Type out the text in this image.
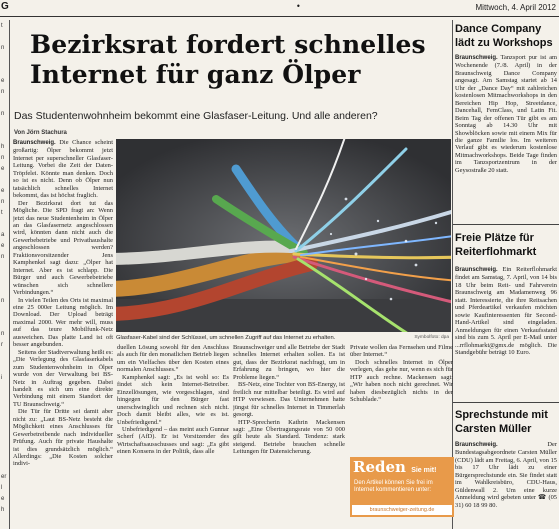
G	•	Mittwoch, 4. April 2012
t
n
e
n
n
h
n
e
e
n
t
a
e
n
n
n
r
i
er
l
e
h
Bezirksrat fordert schnelles Internet für ganz Ölper
Das Studentenwohnheim bekommt eine Glasfaser-Leitung. Und alle anderen?
Von Jörn Stachura

Braunschweig. Die Chance scheint großartig: Ölper bekommt jetzt Internet per superschneller Glasfaser-Leitung. Vorbei die Zeit der Daten-Tröpfelei. Könnte man denken. Doch so ist es nicht. Denn ob Ölper nun tatsächlich schnelles Internet bekommt, das ist höchst fraglich.

Der Bezirksrat dort tut das Mögliche. Die SPD fragt an: Wenn jetzt das neue Studentenheim in Ölper an das Glasfasernetz angeschlossen wird, könnten dann nicht auch die Gewerbebetriebe und Privathaushalte angeschlossen werden? Fraktionsvorsitzender Jens Kamphenkel sagt dazu: „Ölper hat Internet. Aber es ist schlapp. Die Bürger und auch Gewerbebetriebe wünschen sich schnellere Verbindungen.“

In vielen Teilen des Orts ist maximal eine 25 000er Leitung möglich. Im Download. Der Upload beträgt maximal 2000. Wer mehr will, muss auf das teure Mobilfunk-Netz ausweichen. Das platte Land ist oft besser angebunden.

Seitens der Stadtverwaltung heißt es: „Die Verlegung des Glasfaserkabels zum Studentenwohnheim in Ölper wurde von der Verwaltung bei BS-Netz in Auftrag gegeben. Dabei handelt es sich um eine direkte Verbindung mit einem Standort der TU Braunschweig.“

Die Tür für Dritte sei damit aber nicht zu: „Laut BS-Netz besteht die Möglichkeit eines Anschlusses für Gewerbetreibende nach individueller Prüfung. Auch für private Haushalte ist dies grundsätzlich möglich.“ Allerdings: „Die Kosten solcher indivi-

Glasfaser-Kabel sind der Schlüssel, um schnellen Zugriff auf das Internet zu erhalten.	Symbolfoto: dpa

duellen Lösung sowohl für den Anschluss als auch für den monatlichen Betrieb liegen um ein Vielfaches über den Kosten eines normalen Anschlusses.“

Kamphenkel sagt: „Es ist wohl so: Es findet sich kein Internet-Betreiber. Einzellösungen, wie vorgeschlagen, sind hingegen für den Bürger fast unerschwinglich und rechnen sich nicht. Doch damit bleibt alles, wie es ist. Unbefriedigend.“

Unbefriedigend – das meint auch Gunnar Scherf (AfD). Er ist Vorsitzender des Wirtschaftsausschusses und sagt: „Es gibt einen Konsens in der Politik, dass alle

Braunschweiger und alle Betriebe der Stadt schnelles Internet erhalten sollen. Es ist gut, dass der Bezirksrat nachfragt, um in Erfahrung zu bringen, wo hier die Probleme liegen.“

BS-Netz, eine Tochter von BS-Energy, ist freilich nur mittelbar beteiligt. Es wird auf HTP verwiesen. Das Unternehmen hatte jüngst für schnelles Internet in Timmerlah gesorgt.

HTP-Sprecherin Kathrin Mackensen sagt: „Eine Übertragungsrate von 50 000 gilt heute als Standard. Tendenz: stark steigend. Betriebe brauchen schnelle Leitungen für Datensicherung.

Private wollen das Fernsehen und Filme über Internet.“

Doch schnelles Internet in Ölper verlegen, das gehe nur, wenn es sich für HTP auch rechne. Mackensen sagt: „Wir haben noch nicht gerechnet. Wir haben diesbezüglich nichts in der Schublade.“

Reden Sie mit!
Den Artikel können Sie frei im Internet kommentieren unter:
braunschweiger-zeitung.de
Dance Company lädt zu Workshops

Braunschweig. Tanzsport pur ist am Wochenende (7./8. April) in der Braunschweig Dance Company angesagt. Am Samstag startet ab 14 Uhr der „Dance Day“ mit zahlreichen kostenlosen Mitmachworkshops in den Bereichen Hip Hop, Streetdance, Dancehall, FemClass, und Latin Fit. Beim Tag der offenen Tür gibt es am Sonntag ab 14.30 Uhr mit Showblöcken sowie mit einem Mix für die ganze Familie los. Im weiteren Verlauf gibt es wiederum kostenlose Mitmachworkshops. Beide Tage finden im Tanzsportzentrum in der Geysostraße 20 statt.

Freie Plätze für Reiterflohmarkt

Braunschweig. Ein Reiterflohmarkt findet am Samstag, 7. April, von 14 bis 18 Uhr beim Reit- und Fahrverein Braunschweig am Madamenweg 96 statt. Interessierte, die ihre Reitsachen und Pferdeartikel verkaufen möchten sowie Kaufinteressenten für Second-Hand-Artikel sind eingeladen. Anmeldungen für einen Verkaufsstand sind bis zum 5. April per E-Mail unter ...rrflohmarkt@gmx.de möglich. Die Standgebühr beträgt 10 Euro.

Sprechstunde mit Carsten Müller

Braunschweig.	Der Bundestagsabgeordnete Carsten Müller (CDU) lädt am Freitag, 6. April, von 15 bis 17 Uhr lädt zu einer Bürgersprechstunde ein. Sie findet statt im Wahlkreisbüro, CDU-Haus, Güldenwall 2. Um eine kurze Anmeldung wird gebeten unter ☎ (05 31) 60 18 99 80.
